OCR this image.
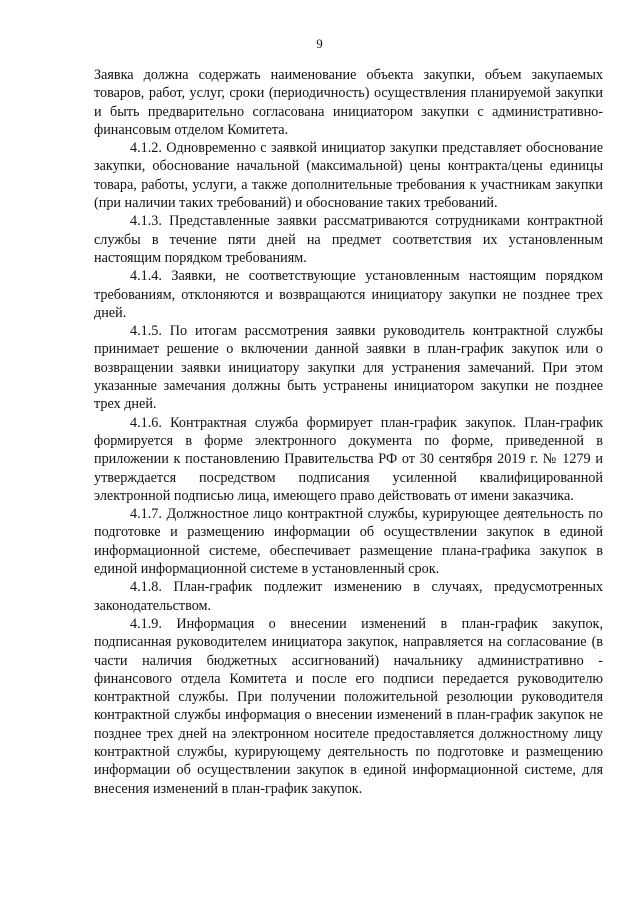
9

Заявка должна содержать наименование объекта закупки, объем закупаемых товаров, работ, услуг, сроки (периодичность) осуществления планируемой закупки и быть предварительно согласована инициатором закупки с административно-финансовым отделом Комитета.

4.1.2. Одновременно с заявкой инициатор закупки представляет обоснование закупки, обоснование начальной (максимальной) цены контракта/цены единицы товара, работы, услуги, а также дополнительные требования к участникам закупки (при наличии таких требований) и обоснование таких требований.

4.1.3. Представленные заявки рассматриваются сотрудниками контрактной службы в течение пяти дней на предмет соответствия их установленным настоящим порядком требованиям.

4.1.4. Заявки, не соответствующие установленным настоящим порядком требованиям, отклоняются и возвращаются инициатору закупки не позднее трех дней.

4.1.5. По итогам рассмотрения заявки руководитель контрактной службы принимает решение о включении данной заявки в план-график закупок или о возвращении заявки инициатору закупки для устранения замечаний. При этом указанные замечания должны быть устранены инициатором закупки не позднее трех дней.

4.1.6. Контрактная служба формирует план-график закупок. План-график формируется в форме электронного документа по форме, приведенной в приложении к постановлению Правительства РФ от 30 сентября 2019 г. № 1279 и утверждается посредством подписания усиленной квалифицированной электронной подписью лица, имеющего право действовать от имени заказчика.

4.1.7. Должностное лицо контрактной службы, курирующее деятельность по подготовке и размещению информации об осуществлении закупок в единой информационной системе, обеспечивает размещение плана-графика закупок в единой информационной системе в установленный срок.

4.1.8. План-график подлежит изменению в случаях, предусмотренных законодательством.

4.1.9. Информация о внесении изменений в план-график закупок, подписанная руководителем инициатора закупок, направляется на согласование (в части наличия бюджетных ассигнований) начальнику административно - финансового отдела Комитета и после его подписи передается руководителю контрактной службы. При получении положительной резолюции руководителя контрактной службы информация о внесении изменений в план-график закупок не позднее трех дней на электронном носителе предоставляется должностному лицу контрактной службы, курирующему деятельность по подготовке и размещению информации об осуществлении закупок в единой информационной системе, для внесения изменений в план-график закупок.
